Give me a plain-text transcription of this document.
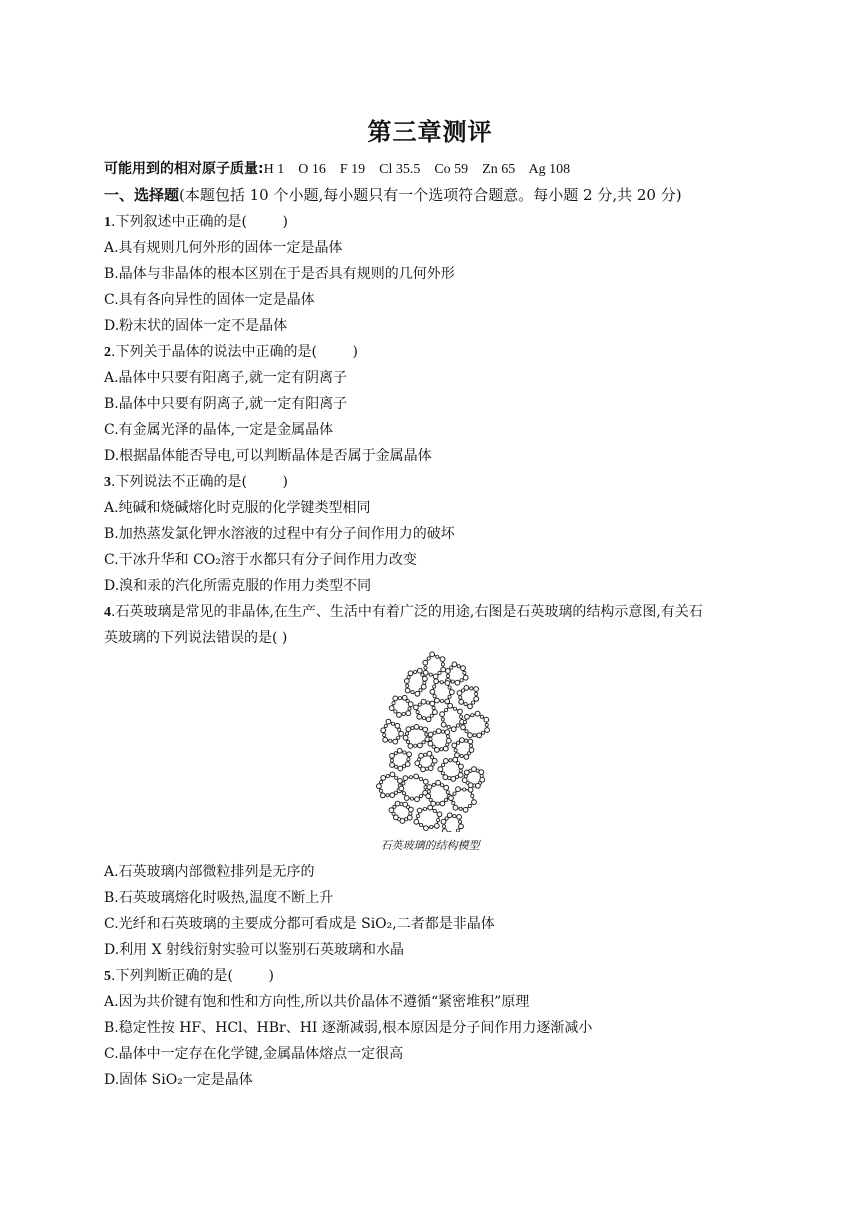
第三章测评
可能用到的相对原子质量:H 1    O 16    F 19    Cl 35.5    Co 59    Zn 65    Ag 108
一、选择题(本题包括 10 个小题,每小题只有一个选项符合题意。每小题 2 分,共 20 分)
1.下列叙述中正确的是(        )
A.具有规则几何外形的固体一定是晶体
B.晶体与非晶体的根本区别在于是否具有规则的几何外形
C.具有各向异性的固体一定是晶体
D.粉末状的固体一定不是晶体
2.下列关于晶体的说法中正确的是(        )
A.晶体中只要有阳离子,就一定有阴离子
B.晶体中只要有阴离子,就一定有阳离子
C.有金属光泽的晶体,一定是金属晶体
D.根据晶体能否导电,可以判断晶体是否属于金属晶体
3.下列说法不正确的是(        )
A.纯碱和烧碱熔化时克服的化学键类型相同
B.加热蒸发氯化钾水溶液的过程中有分子间作用力的破坏
C.干冰升华和 CO₂溶于水都只有分子间作用力改变
D.溴和汞的汽化所需克服的作用力类型不同
4.石英玻璃是常见的非晶体,在生产、生活中有着广泛的用途,右图是石英玻璃的结构示意图,有关石
英玻璃的下列说法错误的是( )
石英玻璃的结构模型
A.石英玻璃内部微粒排列是无序的
B.石英玻璃熔化时吸热,温度不断上升
C.光纤和石英玻璃的主要成分都可看成是 SiO₂,二者都是非晶体
D.利用 X 射线衍射实验可以鉴别石英玻璃和水晶
5.下列判断正确的是(        )
A.因为共价键有饱和性和方向性,所以共价晶体不遵循“紧密堆积”原理
B.稳定性按 HF、HCl、HBr、HI 逐渐减弱,根本原因是分子间作用力逐渐减小
C.晶体中一定存在化学键,金属晶体熔点一定很高
D.固体 SiO₂一定是晶体
